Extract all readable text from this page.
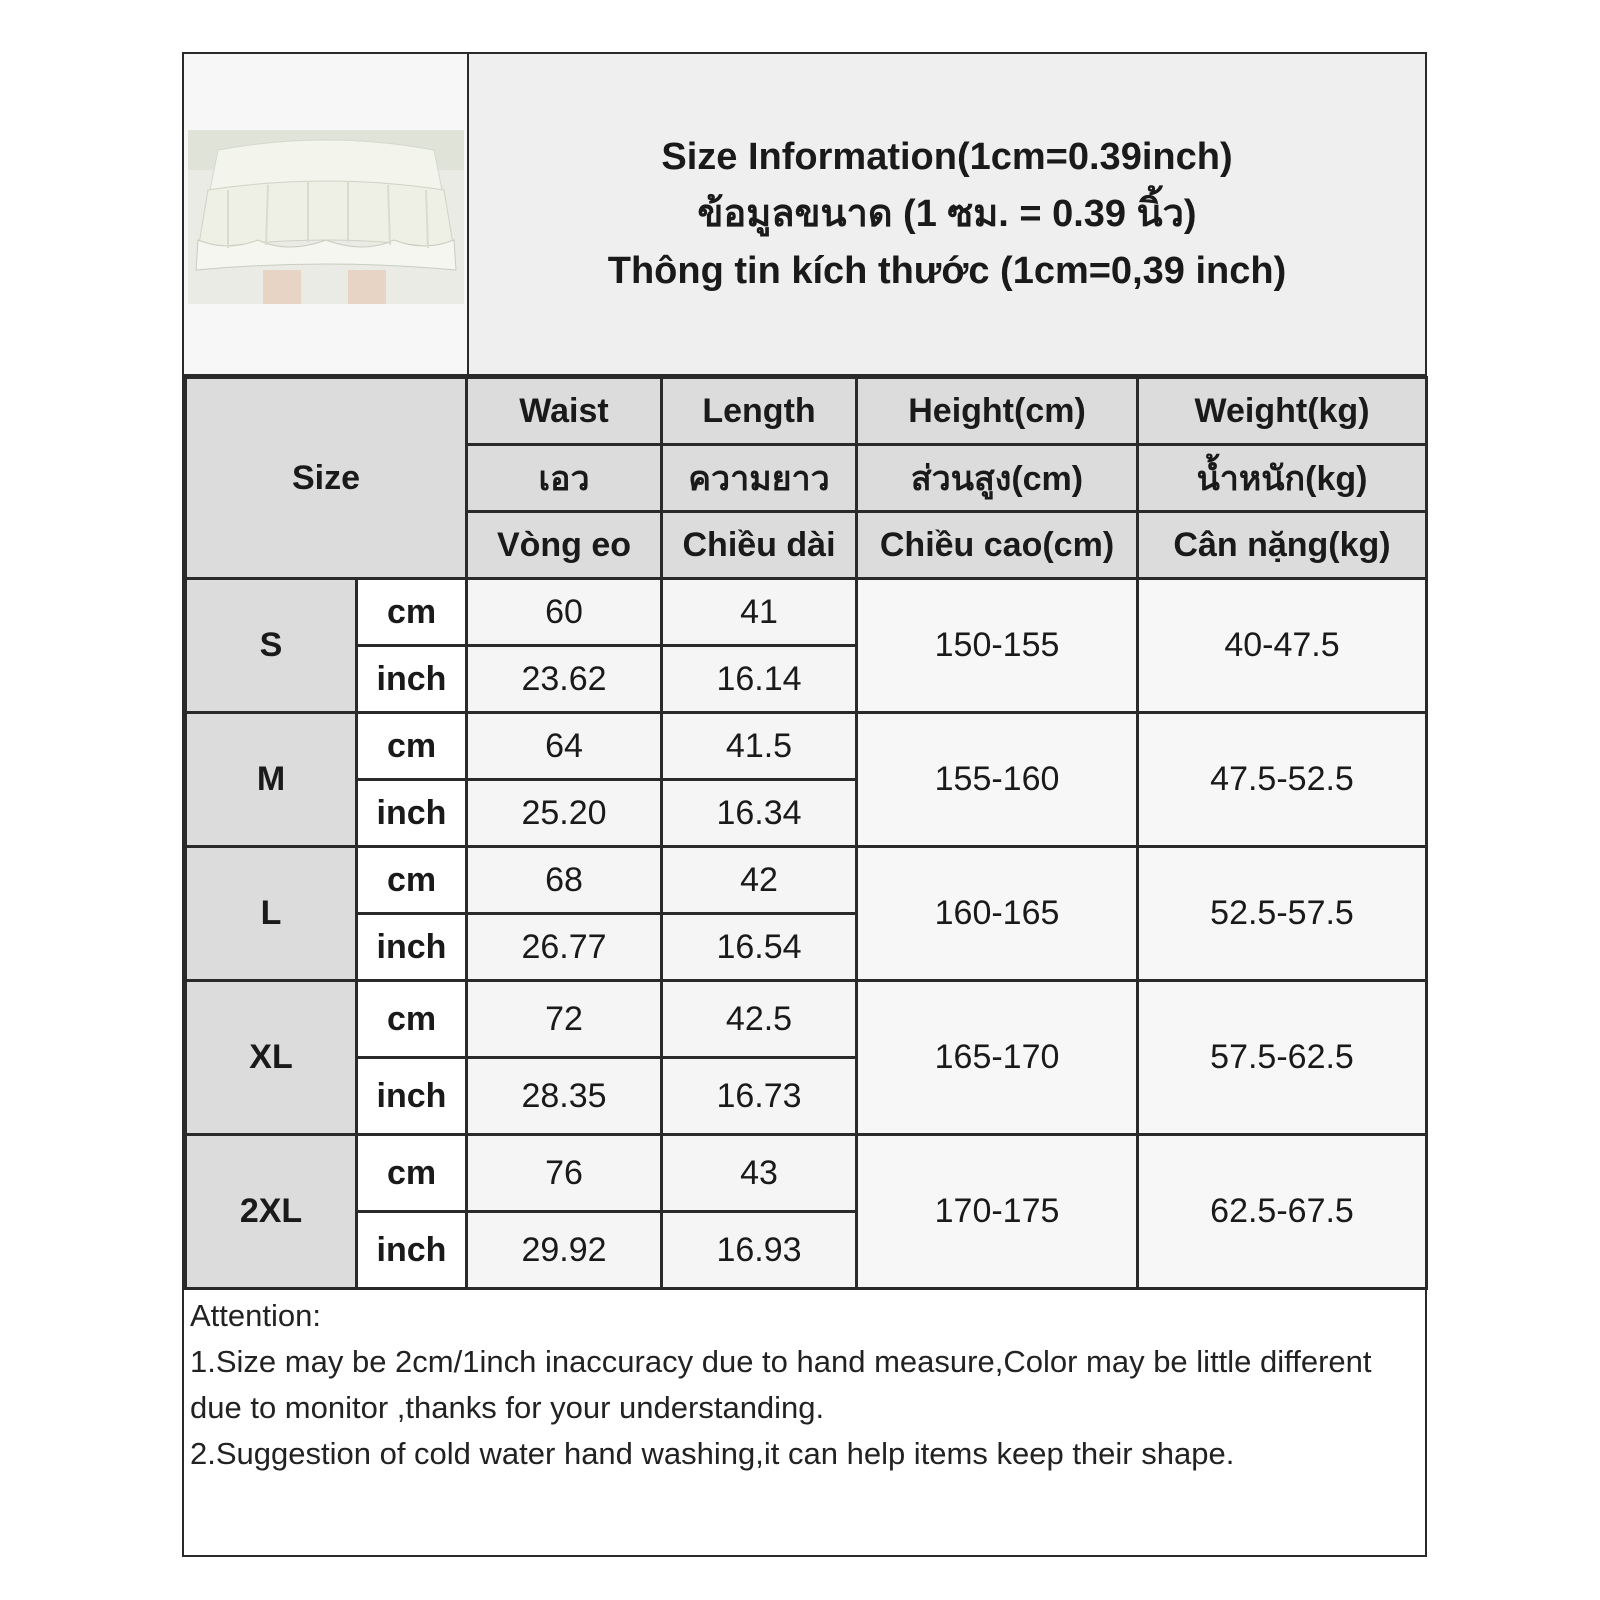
Size Information(1cm=0.39inch)
ข้อมูลขนาด (1 ซม. = 0.39 นิ้ว)
Thông tin kích thước (1cm=0,39 inch)
Size		Waist	Length	Height(cm)	Weight(kg)
		เอว	ความยาว	ส่วนสูง(cm)	น้ำหนัก(kg)
		Vòng eo	Chiều dài	Chiều cao(cm)	Cân nặng(kg)
S	cm	60	41	150-155	40-47.5
	inch	23.62	16.14		
M	cm	64	41.5	155-160	47.5-52.5
	inch	25.20	16.34		
L	cm	68	42	160-165	52.5-57.5
	inch	26.77	16.54		
XL	cm	72	42.5	165-170	57.5-62.5
	inch	28.35	16.73		
2XL	cm	76	43	170-175	62.5-67.5
	inch	29.92	16.93		

Attention:

1.Size may be 2cm/1inch inaccuracy due to hand measure,Color may be little different due to monitor ,thanks for your understanding.

2.Suggestion of cold water hand washing,it can help items keep their shape.
